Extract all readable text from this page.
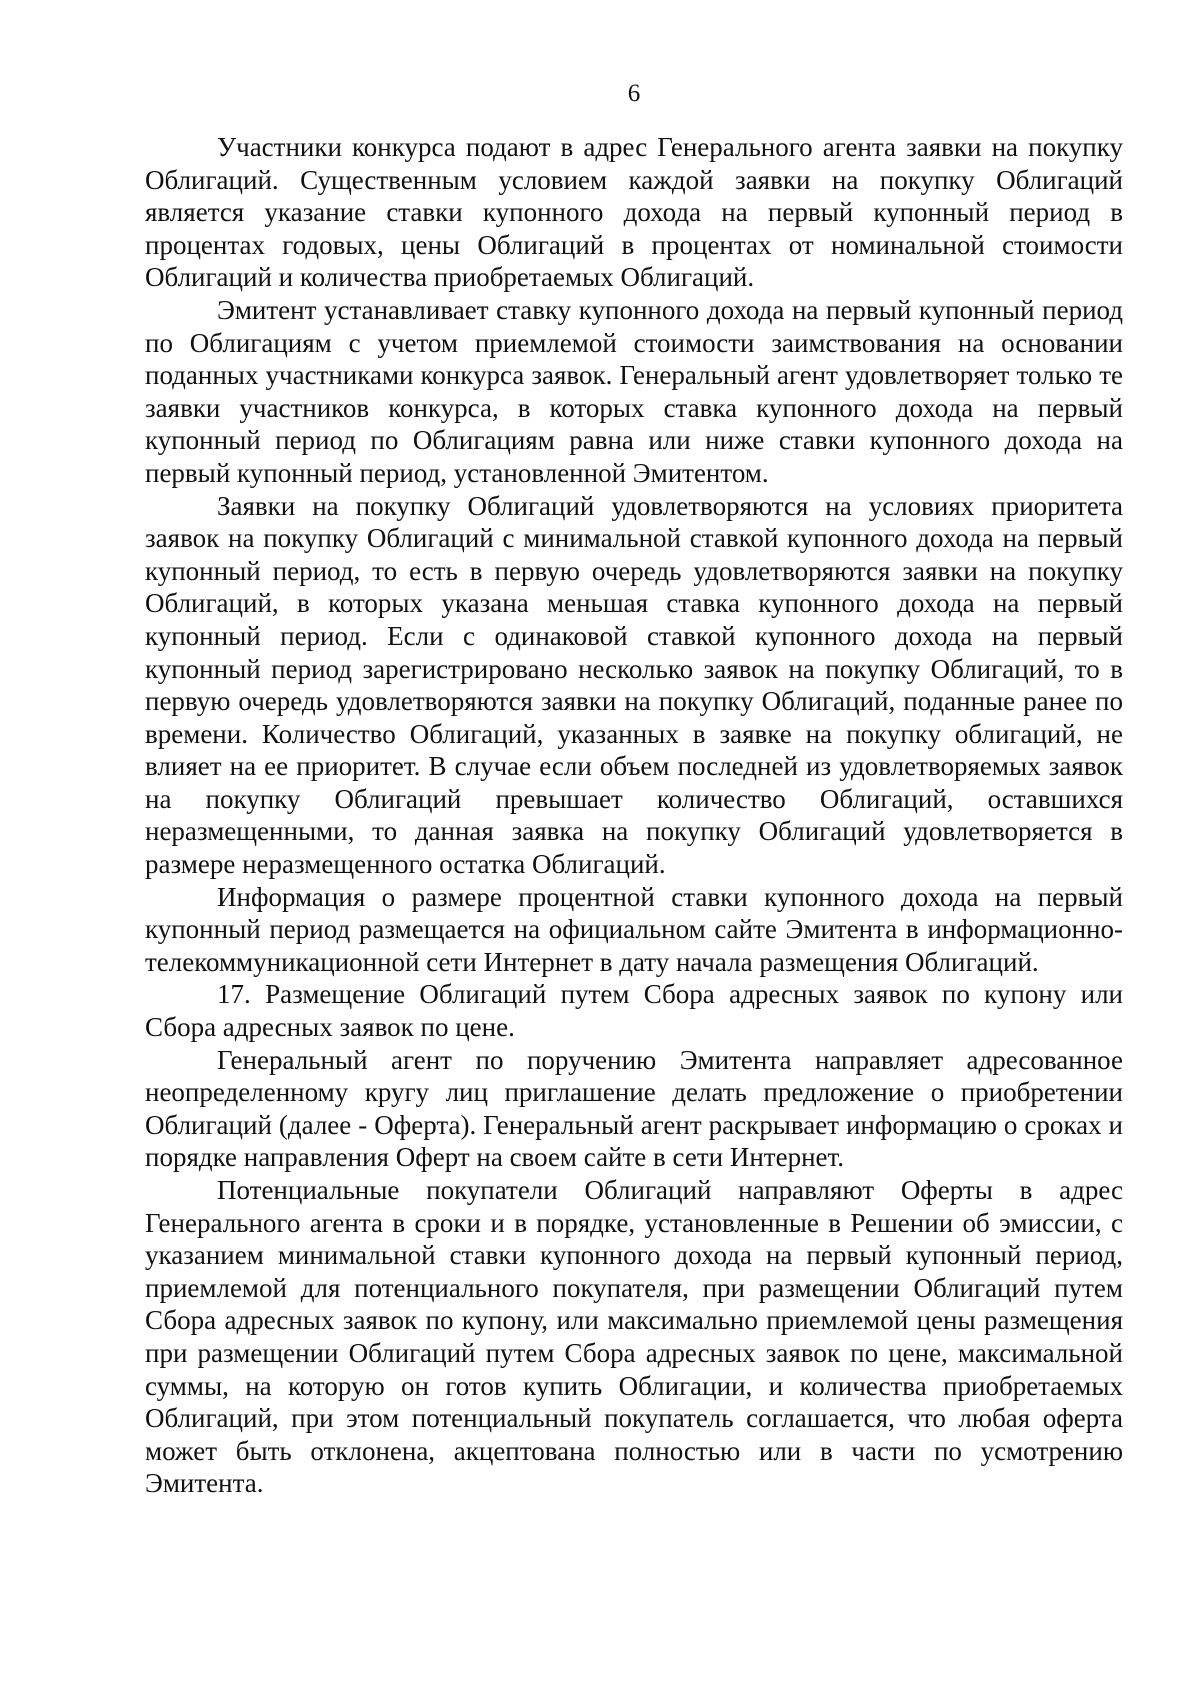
6

Участники конкурса подают в адрес Генерального агента заявки на покупку Облигаций. Существенным условием каждой заявки на покупку Облигаций является указание ставки купонного дохода на первый купонный период в процентах годовых, цены Облигаций в процентах от номинальной стоимости Облигаций и количества приобретаемых Облигаций.

Эмитент устанавливает ставку купонного дохода на первый купонный период по Облигациям с учетом приемлемой стоимости заимствования на основании поданных участниками конкурса заявок. Генеральный агент удовлетворяет только те заявки участников конкурса, в которых ставка купонного дохода на первый купонный период по Облигациям равна или ниже ставки купонного дохода на первый купонный период, установленной Эмитентом.

Заявки на покупку Облигаций удовлетворяются на условиях приоритета заявок на покупку Облигаций с минимальной ставкой купонного дохода на первый купонный период, то есть в первую очередь удовлетворяются заявки на покупку Облигаций, в которых указана меньшая ставка купонного дохода на первый купонный период. Если с одинаковой ставкой купонного дохода на первый купонный период зарегистрировано несколько заявок на покупку Облигаций, то в первую очередь удовлетворяются заявки на покупку Облигаций, поданные ранее по времени. Количество Облигаций, указанных в заявке на покупку облигаций, не влияет на ее приоритет. В случае если объем последней из удовлетворяемых заявок на покупку Облигаций превышает количество Облигаций, оставшихся неразмещенными, то данная заявка на покупку Облигаций удовлетворяется в размере неразмещенного остатка Облигаций.

Информация о размере процентной ставки купонного дохода на первый купонный период размещается на официальном сайте Эмитента в информационно-телекоммуникационной сети Интернет в дату начала размещения Облигаций.

17. Размещение Облигаций путем Сбора адресных заявок по купону или Сбора адресных заявок по цене.

Генеральный агент по поручению Эмитента направляет адресованное неопределенному кругу лиц приглашение делать предложение о приобретении Облигаций (далее - Оферта). Генеральный агент раскрывает информацию о сроках и порядке направления Оферт на своем сайте в сети Интернет.

Потенциальные покупатели Облигаций направляют Оферты в адрес Генерального агента в сроки и в порядке, установленные в Решении об эмиссии, с указанием минимальной ставки купонного дохода на первый купонный период, приемлемой для потенциального покупателя, при размещении Облигаций путем Сбора адресных заявок по купону, или максимально приемлемой цены размещения при размещении Облигаций путем Сбора адресных заявок по цене, максимальной суммы, на которую он готов купить Облигации, и количества приобретаемых Облигаций, при этом потенциальный покупатель соглашается, что любая оферта может быть отклонена, акцептована полностью или в части по усмотрению Эмитента.
